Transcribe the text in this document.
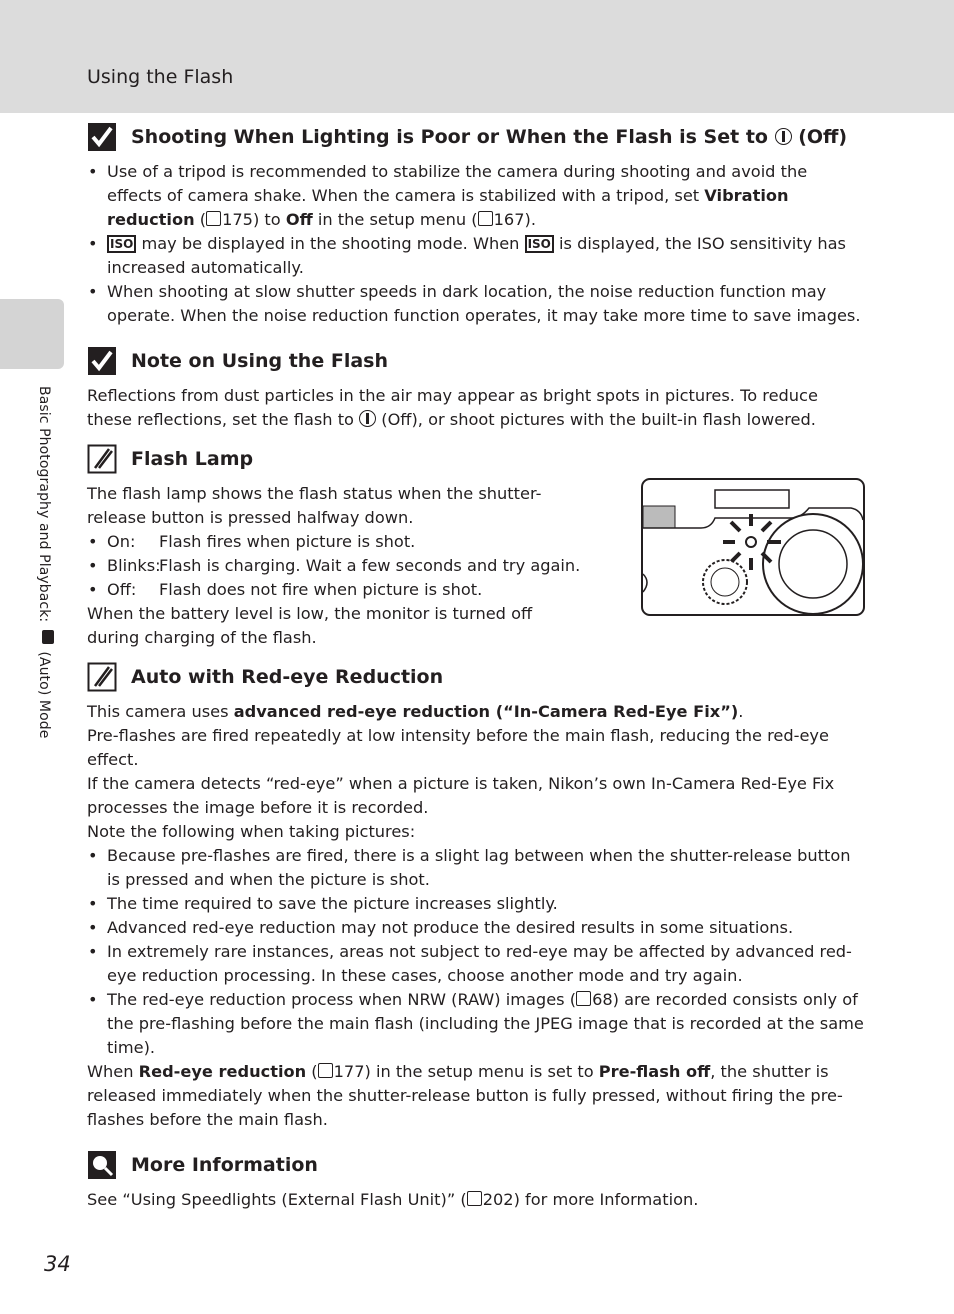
Using the Flash
Basic Photography and Playback:  (Auto) Mode
Shooting When Lighting is Poor or When the Flash is Set to  (Off)
• Use of a tripod is recommended to stabilize the camera during shooting and avoid the effects of camera shake. When the camera is stabilized with a tripod, set Vibration reduction ( 175) to Off in the setup menu ( 167).
• ISO may be displayed in the shooting mode. When ISO is displayed, the ISO sensitivity has increased automatically.
• When shooting at slow shutter speeds in dark location, the noise reduction function may operate. When the noise reduction function operates, it may take more time to save images.
Note on Using the Flash

Reflections from dust particles in the air may appear as bright spots in pictures. To reduce these reflections, set the flash to  (Off), or shoot pictures with the built-in flash lowered.

Flash Lamp

The flash lamp shows the flash status when the shutter-release button is pressed halfway down.

• On:	Flash fires when picture is shot.
• Blinks:
Flash is charging. Wait a few seconds and try again.
• Off:	Flash does not fire when picture is shot.

When the battery level is low, the monitor is turned off during charging of the flash.

Auto with Red-eye Reduction

This camera uses advanced red-eye reduction (“In-Camera Red-Eye Fix”).

Pre-flashes are fired repeatedly at low intensity before the main flash, reducing the red-eye effect.

If the camera detects “red-eye” when a picture is taken, Nikon’s own In-Camera Red-Eye Fix processes the image before it is recorded.

Note the following when taking pictures:

• Because pre-flashes are fired, there is a slight lag between when the shutter-release button is pressed and when the picture is shot.
• The time required to save the picture increases slightly.
• Advanced red-eye reduction may not produce the desired results in some situations.
• In extremely rare instances, areas not subject to red-eye may be affected by advanced red-eye reduction processing. In these cases, choose another mode and try again.
• The red-eye reduction process when NRW (RAW) images ( 68) are recorded consists only of the pre-flashing before the main flash (including the JPEG image that is recorded at the same time).

When Red-eye reduction ( 177) in the setup menu is set to Pre-flash off, the shutter is released immediately when the shutter-release button is fully pressed, without firing the pre-flashes before the main flash.

More Information

See “Using Speedlights (External Flash Unit)” ( 202) for more Information.

34
